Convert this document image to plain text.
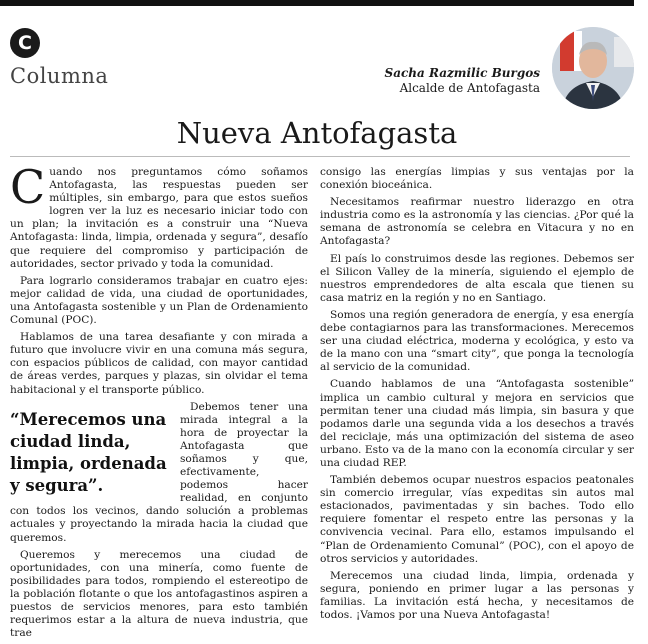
C
Columna	Sacha Razmilic Burgos
Alcalde de Antofagasta
Nueva Antofagasta

Cuando nos preguntamos cómo soñamos Antofagasta, las respuestas pueden ser múltiples, sin embargo, para que estos sueños logren ver la luz es necesario iniciar todo con un plan; la invitación es a construir una “Nueva Antofagasta: linda, limpia, ordenada y segura”, desafío que requiere del compromiso y participación de autoridades, sector privado y toda la comunidad.

Para lograrlo consideramos trabajar en cuatro ejes: mejor calidad de vida, una ciudad de oportunidades, una Antofagasta sostenible y un Plan de Ordenamiento Comunal (POC).

Hablamos de una tarea desafiante y con mirada a futuro que involucre vivir en una comuna más segura, con espacios públicos de calidad, con mayor cantidad de áreas verdes, parques y plazas, sin olvidar el tema habitacional y el transporte público.

“Merecemos una ciudad linda, limpia, ordenada y segura”.
Debemos tener una mirada integral a la hora de proyectar la Antofagasta que soñamos y que, efectivamente, podemos hacer realidad, en conjunto con todos los vecinos, dando solución a problemas actuales y proyectando la mirada hacia la ciudad que queremos.

Queremos y merecemos una ciudad de oportunidades, con una minería, como fuente de posibilidades para todos, rompiendo el estereotipo de la población flotante o que los antofagastinos aspiren a puestos de servicios menores, para esto también requerimos estar a la altura de nueva industria, que trae

consigo las energías limpias y sus ventajas por la conexión bioceánica.

Necesitamos reafirmar nuestro liderazgo en otra industria como es la astronomía y las ciencias. ¿Por qué la semana de astronomía se celebra en Vitacura y no en Antofagasta?

El país lo construimos desde las regiones. Debemos ser el Silicon Valley de la minería, siguiendo el ejemplo de nuestros emprendedores de alta escala que tienen su casa matriz en la región y no en Santiago.

Somos una región generadora de energía, y esa energía debe contagiarnos para las transformaciones. Merecemos ser una ciudad eléctrica, moderna y ecológica, y esto va de la mano con una “smart city”, que ponga la tecnología al servicio de la comunidad.

Cuando hablamos de una “Antofagasta sostenible” implica un cambio cultural y mejora en servicios que permitan tener una ciudad más limpia, sin basura y que podamos darle una segunda vida a los desechos a través del reciclaje, más una optimización del sistema de aseo urbano. Esto va de la mano con la economía circular y ser una ciudad REP.

También debemos ocupar nuestros espacios peatonales sin comercio irregular, vías expeditas sin autos mal estacionados, pavimentadas y sin baches. Todo ello requiere fomentar el respeto entre las personas y la convivencia vecinal. Para ello, estamos impulsando el “Plan de Ordenamiento Comunal” (POC), con el apoyo de otros servicios y autoridades.

Merecemos una ciudad linda, limpia, ordenada y segura, poniendo en primer lugar a las personas y familias. La invitación está hecha, y necesitamos de todos. ¡Vamos por una Nueva Antofagasta!
